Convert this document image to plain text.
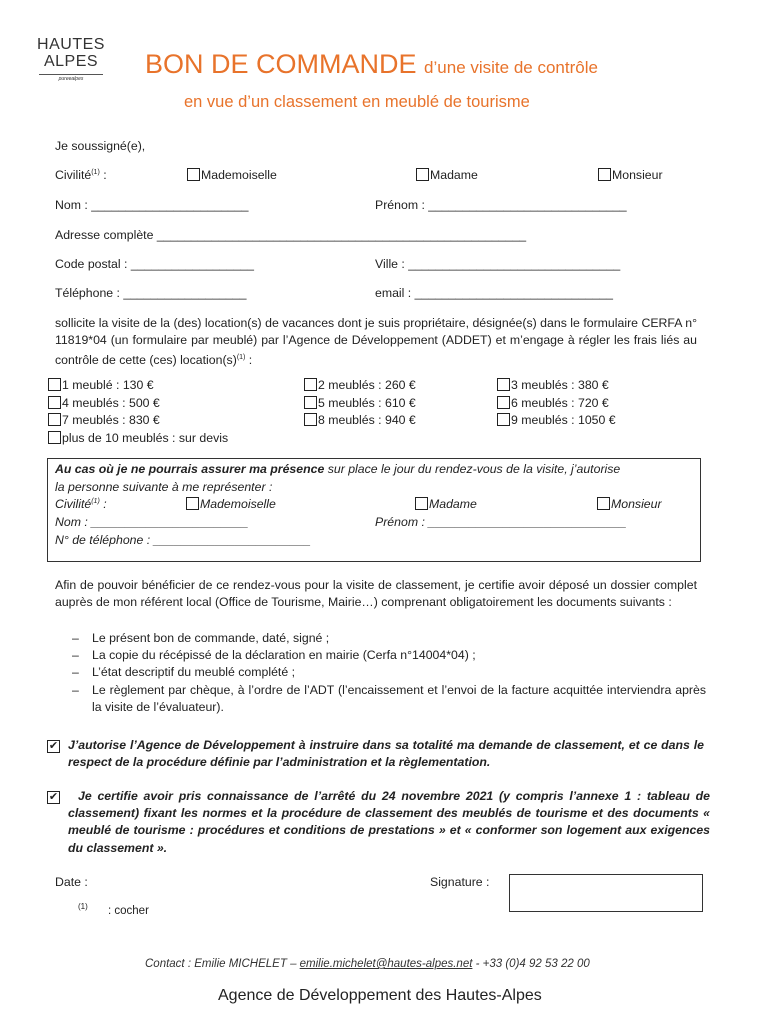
HAUTES
ALPES
pureealpes	BON DE COMMANDE d’une visite de contrôle
en vue d’un classement en meublé de tourisme
Je soussigné(e),
Civilité$^{(1)}$ :	Mademoiselle	Madame	Monsieur
Nom : _______________________	Prénom : _____________________________
Adresse complète ______________________________________________________
Code postal : __________________	Ville : _______________________________
Téléphone : __________________	email : _____________________________
sollicite la visite de la (des) location(s) de vacances dont je suis propriétaire, désignée(s) dans le formulaire CERFA n° 11819*04 (un formulaire par meublé) par l’Agence de Développement (ADDET) et m’engage à régler les frais liés au contrôle de cette (ces) $location(s)^{(1)}$ :
1 meublé : 130 €	2 meublés : 260 €	3 meublés : 380 €
4 meublés : 500 €	5 meublés : 610 €	6 meublés : 720 €
7 meublés : 830 €	8 meublés : 940 €	9 meublés : 1050 €
plus de 10 meublés : sur devis
Au cas où je ne pourrais assurer ma présence sur place le jour du rendez-vous de la visite, j’autorise
la personne suivante à me représenter :
Civilité$^{(1)}$ :	Mademoiselle	Madame	Monsieur
Nom : _______________________	Prénom : _____________________________
N° de téléphone : _______________________
Afin de pouvoir bénéficier de ce rendez-vous pour la visite de classement, je certifie avoir déposé un dossier complet auprès de mon référent local (Office de Tourisme, Mairie…) comprenant obligatoirement les documents suivants :
– Le présent bon de commande, daté, signé ;
– La copie du récépissé de la déclaration en mairie (Cerfa n°14004*04) ;
– L’état descriptif du meublé complété ;
– Le règlement par chèque, à l’ordre de l’ADT (l’encaissement et l’envoi de la facture acquittée interviendra après la visite de l’évaluateur).
✔ J’autorise l’Agence de Développement à instruire dans sa totalité ma demande de classement, et ce dans le respect de la procédure définie par l’administration et la règlementation.
✔	Je certifie avoir pris connaissance de l’arrêté du 24 novembre 2021 (y compris l’annexe 1 : tableau de classement) fixant les normes et la procédure de classement des meublés de tourisme et des documents « meublé de tourisme : procédures et conditions de prestations » et « conformer son logement aux exigences du classement ».
Date :	Signature :
(1) : cocher
Contact : Emilie MICHELET – emilie.michelet@hautes-alpes.net - +33 (0)4 92 53 22 00
Agence de Développement des Hautes-Alpes
